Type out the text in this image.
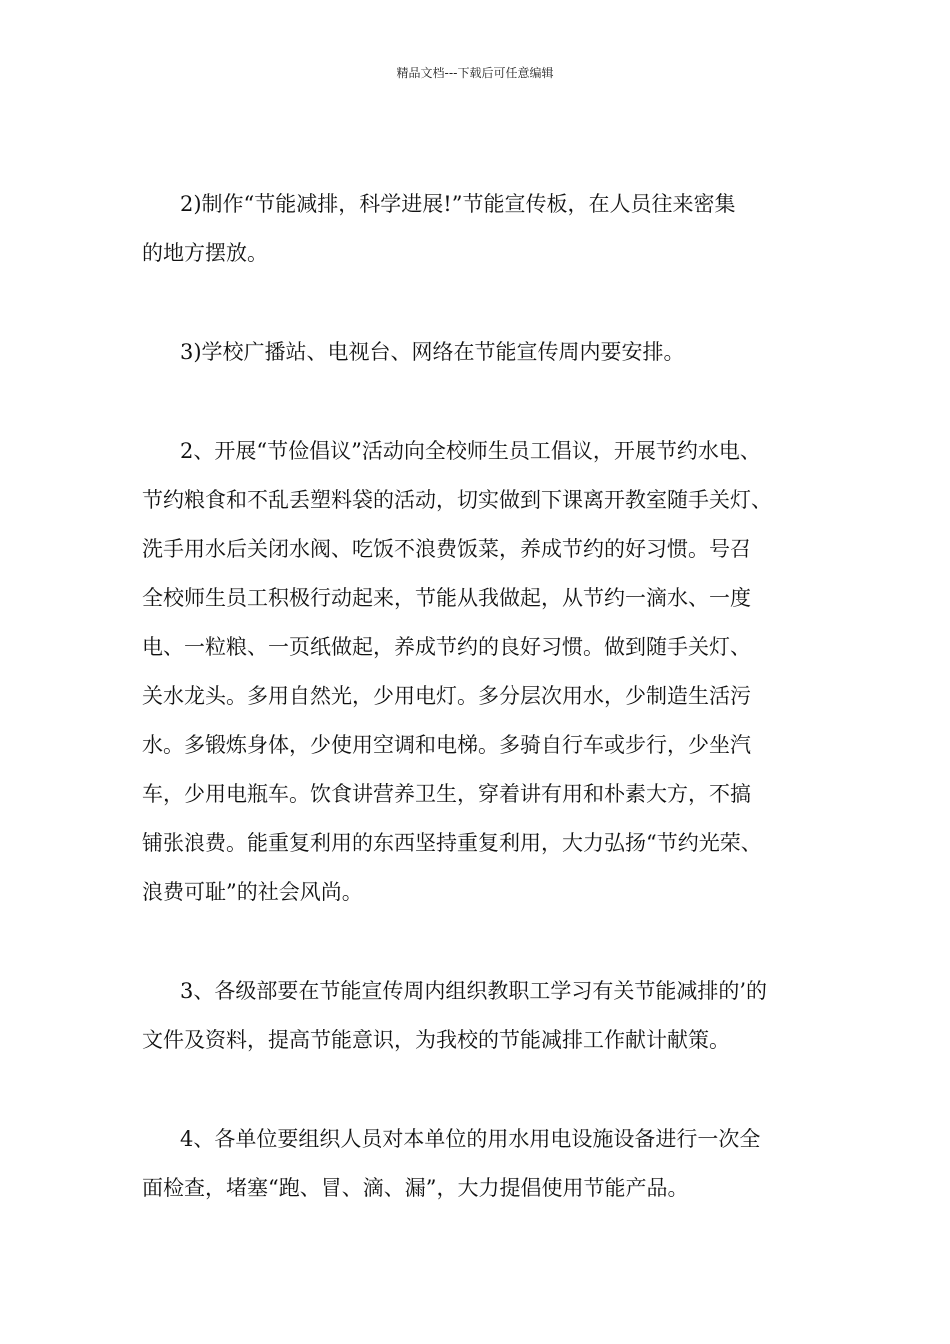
精品文档---下载后可任意编辑

2)制作“节能减排，科学进展!”节能宣传板，在人员往来密集
的地方摆放。

3)学校广播站、电视台、网络在节能宣传周内要安排。

2、开展“节俭倡议”活动向全校师生员工倡议，开展节约水电、
节约粮食和不乱丢塑料袋的活动，切实做到下课离开教室随手关灯、
洗手用水后关闭水阀、吃饭不浪费饭菜，养成节约的好习惯。号召
全校师生员工积极行动起来，节能从我做起，从节约一滴水、一度
电、一粒粮、一页纸做起，养成节约的良好习惯。做到随手关灯、
关水龙头。多用自然光，少用电灯。多分层次用水，少制造生活污
水。多锻炼身体，少使用空调和电梯。多骑自行车或步行，少坐汽
车，少用电瓶车。饮食讲营养卫生，穿着讲有用和朴素大方，不搞
铺张浪费。能重复利用的东西坚持重复利用，大力弘扬“节约光荣、
浪费可耻”的社会风尚。

3、各级部要在节能宣传周内组织教职工学习有关节能减排的’的
文件及资料，提高节能意识，为我校的节能减排工作献计献策。

4、各单位要组织人员对本单位的用水用电设施设备进行一次全
面检查，堵塞“跑、冒、滴、漏”，大力提倡使用节能产品。
